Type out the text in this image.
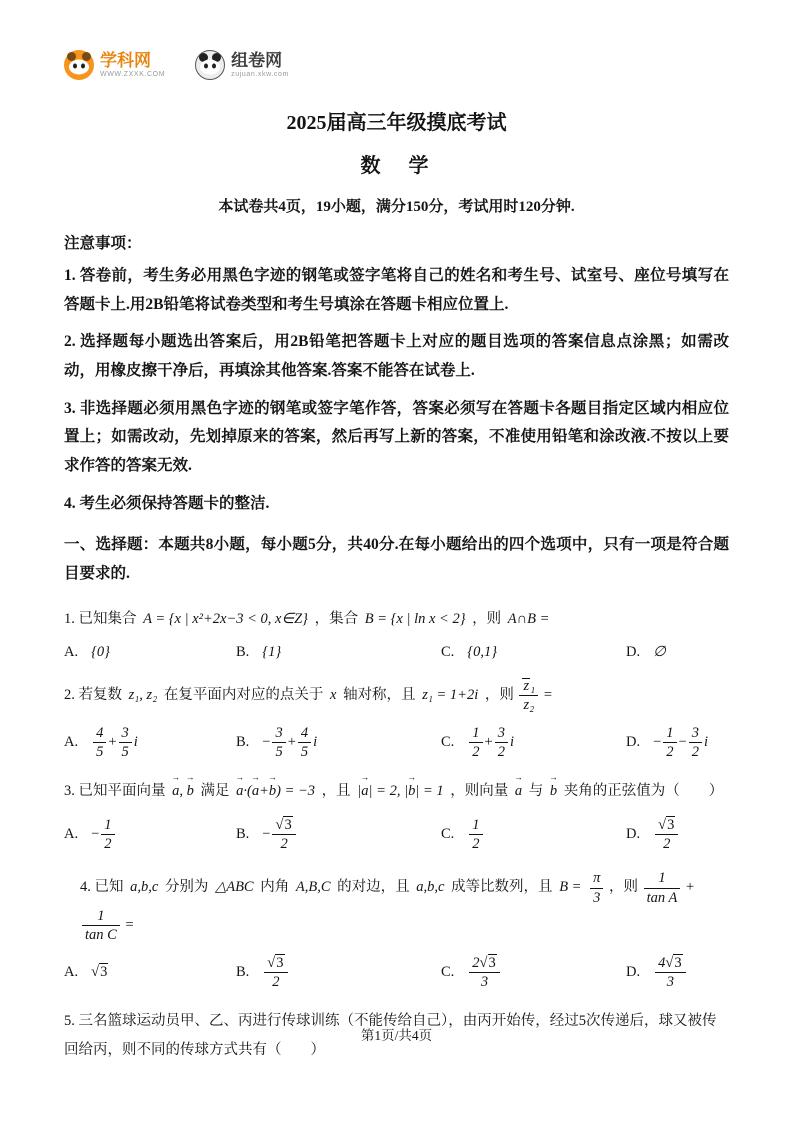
学科网
WWW.ZXXK.COM
组卷网
zujuan.xkw.com
2025届高三年级摸底考试
数　学
本试卷共4页，19小题，满分150分，考试用时120分钟.
注意事项：
1. 答卷前，考生务必用黑色字迹的钢笔或签字笔将自己的姓名和考生号、试室号、座位号填写在答题卡上.用2B铅笔将试卷类型和考生号填涂在答题卡相应位置上.
2. 选择题每小题选出答案后，用2B铅笔把答题卡上对应的题目选项的答案信息点涂黑；如需改动，用橡皮擦干净后，再填涂其他答案.答案不能答在试卷上.
3. 非选择题必须用黑色字迹的钢笔或签字笔作答，答案必须写在答题卡各题目指定区域内相应位置上；如需改动，先划掉原来的答案，然后再写上新的答案，不准使用铅笔和涂改液.不按以上要求作答的答案无效.
4. 考生必须保持答题卡的整洁.
一、选择题：本题共8小题，每小题5分，共40分.在每小题给出的四个选项中，只有一项是符合题目要求的.

1. 已知集合 A = {x | x²+2x−3 < 0, x∈Z} ，集合 B = {x | ln x < 2} ，则 A∩B =

A. {0}	B. {1}	C. {0,1}	D. ∅

2. 若复数 z₁, z₂ 在复平面内对应的点关于 x 轴对称，且 z₁ = 1+2i ，则 $\frac{\text{z₁}}{\text{z₂}}$ =

A. $\frac{4}{5} + \frac{3}{5}$ i	B. − $\frac{3}{5} + \frac{4}{5}$ i	C. $\frac{1}{2} + \frac{3}{2}$ i	D. − $\frac{1}{2} - \frac{3}{2}$ i

3. 已知平面向量 a →, b → 满足 a →·(a →+b →) = −3 ，且 |a →| = 2, |b →| = 1 ，则向量 a → 与 b → 夹角的正弦值为（　　）

A. − $\frac{1}{2}$	B. − $\frac{√3}{2}$	C. $\frac{1}{2}$	D. $\frac{√3}{2}$

4. 已知 a,b,c 分别为 △ABC 内角 A,B,C 的对边，且 a,b,c 成等比数列，且 $B = \frac{\pi}{3}$ ，则 $\frac{1}{\text{tan A}}$ +
$\frac{1}{\text{tan C}}$ =

A. √3	B. $\frac{√3}{2}$	C. $\frac{2√3}{3}$	D. $\frac{4√3}{3}$

5. 三名篮球运动员甲、乙、丙进行传球训练（不能传给自己），由丙开始传，经过5次传递后，球又被传回给丙，则不同的传球方式共有（　　）

第1页/共4页
